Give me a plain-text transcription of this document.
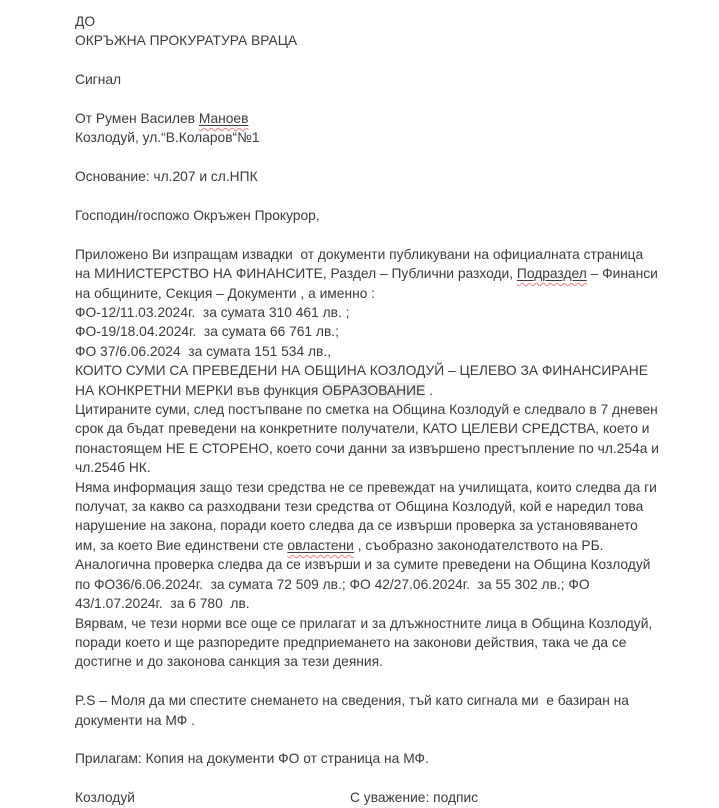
ДО

ОКРЪЖНА ПРОКУРАТУРА ВРАЦА

Сигнал

От Румен Василев Маноев

Козлодуй, ул.“В.Коларов“№1

Основание: чл.207 и сл.НПК

Господин/госпожо Окръжен Прокурор,

Приложено Ви изпращам извадки  от документи публикувани на официалната страница на МИНИСТЕРСТВО НА ФИНАНСИТЕ, Раздел – Публични разходи, Подраздел – Финанси на общините, Секция – Документи , а именно :

ФО-12/11.03.2024г.  за сумата 310 461 лв. ;

ФО-19/18.04.2024г.  за сумата 66 761 лв.;

ФО 37/6.06.2024  за сумата 151 534 лв.,

КОИТО СУМИ СА ПРЕВЕДЕНИ НА ОБЩИНА КОЗЛОДУЙ – ЦЕЛЕВО ЗА ФИНАНСИРАНЕ НА КОНКРЕТНИ МЕРКИ във функция ОБРАЗОВАНИЕ .

Цитираните суми, след постъпване по сметка на Община Козлодуй е следвало в 7 дневен срок да бъдат преведени на конкретните получатели, КАТО ЦЕЛЕВИ СРЕДСТВА, което и понастоящем НЕ Е СТОРЕНО, което сочи данни за извършено престъпление по чл.254а и чл.254б НК.

Няма информация защо тези средства не се превеждат на училищата, които следва да ги получат, за какво са разходвани тези средства от Община Козлодуй, кой е наредил това нарушение на закона, поради което следва да се извърши проверка за установяването им, за което Вие единствени сте овластени , съобразно законодателството на РБ.

Аналогична проверка следва да се извърши и за сумите преведени на Община Козлодуй по ФО36/6.06.2024г.  за сумата 72 509 лв.; ФО 42/27.06.2024г.  за 55 302 лв.; ФО 43/1.07.2024г.  за 6 780  лв.

Вярвам, че тези норми все още се прилагат и за длъжностните лица в Община Козлодуй, поради което и ще разпоредите предприемането на законови действия, така че да се достигне и до законова санкция за тези деяния.

P.S – Моля да ми спестите снемането на сведения, тъй като сигнала ми  е базиран на документи на МФ .

Прилагам: Копия на документи ФО от страница на МФ.

Козлодуй	С уважение: подпис
